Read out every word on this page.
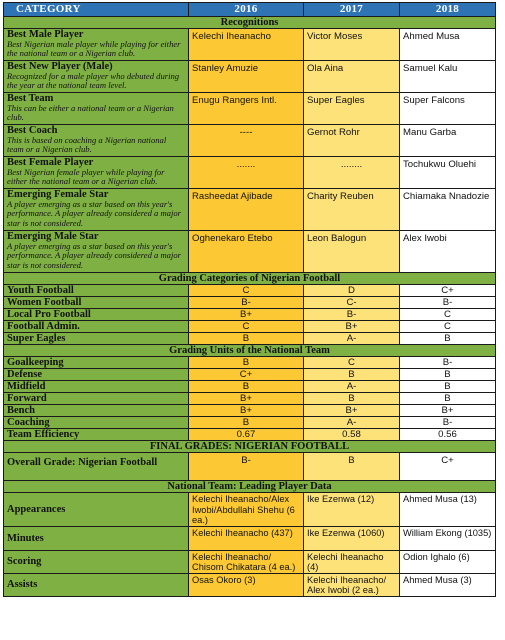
CATEGORY	2016	2017	2018
Recognitions			

Best Male Player
Best Nigerian male player while playing for either the national team or a Nigerian club.	Kelechi Iheanacho	Victor Moses	Ahmed Musa

Best New Player (Male)
Recognized for a male player who debuted during the year at the national team level.	Stanley Amuzie	Ola Aina	Samuel Kalu

Best Team
This can be either a national team or a Nigerian club.	Enugu Rangers Intl.	Super Eagles	Super Falcons

Best Coach
This is based on coaching a Nigerian national team or a Nigerian club.	----	Gernot Rohr	Manu Garba

Best Female Player
Best Nigerian female player while playing for either the national team or a Nigerian club.	.......	........	Tochukwu Oluehi

Emerging Female Star
A player emerging as a star based on this year's performance. A player already considered a major star is not considered.	Rasheedat Ajibade	Charity Reuben	Chiamaka Nnadozie

Emerging Male Star
A player emerging as a star based on this year's performance. A player already considered a major star is not considered.	Oghenekaro Etebo	Leon Balogun	Alex Iwobi
Grading Categories of Nigerian Football			
Youth Football	C	D	C+
Women Football	B-	C-	B-
Local Pro Football	B+	B-	C
Football Admin.	C	B+	C
Super Eagles	B	A-	B
Grading Units of the National Team			
Goalkeeping	B	C	B-
Defense	C+	B	B
Midfield	B	A-	B
Forward	B+	B	B
Bench	B+	B+	B+
Coaching	B	A-	B-
Team Efficiency	0.67	0.58	0.56
FINAL GRADES: NIGERIAN FOOTBALL			
Overall Grade: Nigerian Football	B-	B	C+
National Team: Leading Player Data			
Appearances	Kelechi Iheanacho/Alex Iwobi/Abdullahi Shehu (6 ea.)	Ike Ezenwa (12)	Ahmed Musa (13)
Minutes	Kelechi Iheanacho (437)	Ike Ezenwa (1060)	William Ekong (1035)
Scoring	Kelechi Iheanacho/ Chisom Chikatara (4 ea.)	Kelechi Iheanacho (4)	Odion Ighalo (6)
Assists	Osas Okoro (3)	Kelechi Iheanacho/ Alex Iwobi (2 ea.)	Ahmed Musa (3)
